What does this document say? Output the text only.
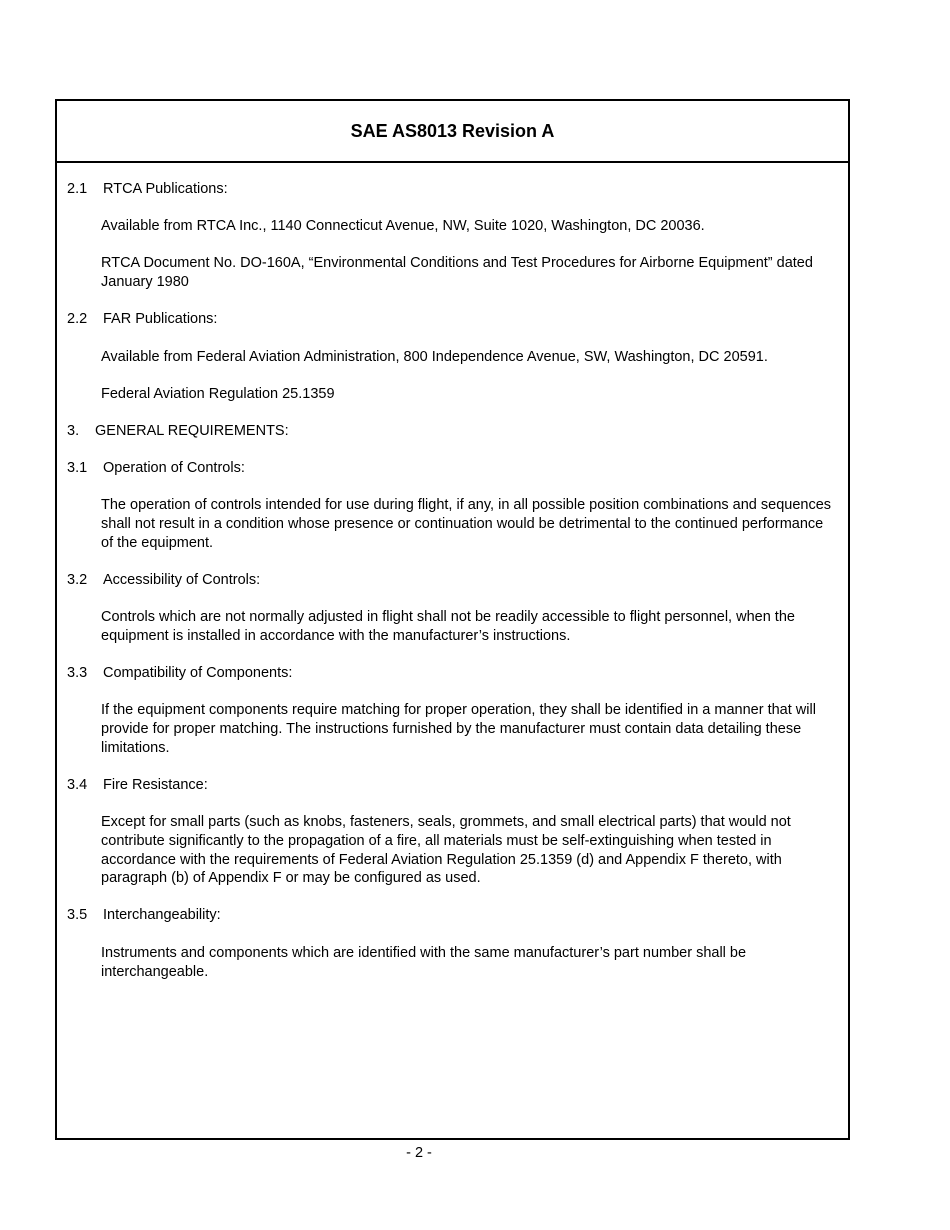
SAE AS8013 Revision A
2.1 RTCA Publications:
Available from RTCA Inc., 1140 Connecticut Avenue, NW, Suite 1020, Washington, DC 20036.
RTCA Document No. DO-160A, “Environmental Conditions and Test Procedures for Airborne Equipment” dated January 1980
2.2 FAR Publications:
Available from Federal Aviation Administration, 800 Independence Avenue, SW, Washington, DC 20591.
Federal Aviation Regulation 25.1359
3. GENERAL REQUIREMENTS:
3.1 Operation of Controls:
The operation of controls intended for use during flight, if any, in all possible position combinations and sequences shall not result in a condition whose presence or continuation would be detrimental to the continued performance of the equipment.
3.2 Accessibility of Controls:
Controls which are not normally adjusted in flight shall not be readily accessible to flight personnel, when the equipment is installed in accordance with the manufacturer’s instructions.
3.3 Compatibility of Components:
If the equipment components require matching for proper operation, they shall be identified in a manner that will provide for proper matching. The instructions furnished by the manufacturer must contain data detailing these limitations.
3.4 Fire Resistance:
Except for small parts (such as knobs, fasteners, seals, grommets, and small electrical parts) that would not contribute significantly to the propagation of a fire, all materials must be self-extinguishing when tested in accordance with the requirements of Federal Aviation Regulation 25.1359 (d) and Appendix F thereto, with paragraph (b) of Appendix F or may be configured as used.
3.5 Interchangeability:
Instruments and components which are identified with the same manufacturer’s part number shall be interchangeable.
- 2 -
